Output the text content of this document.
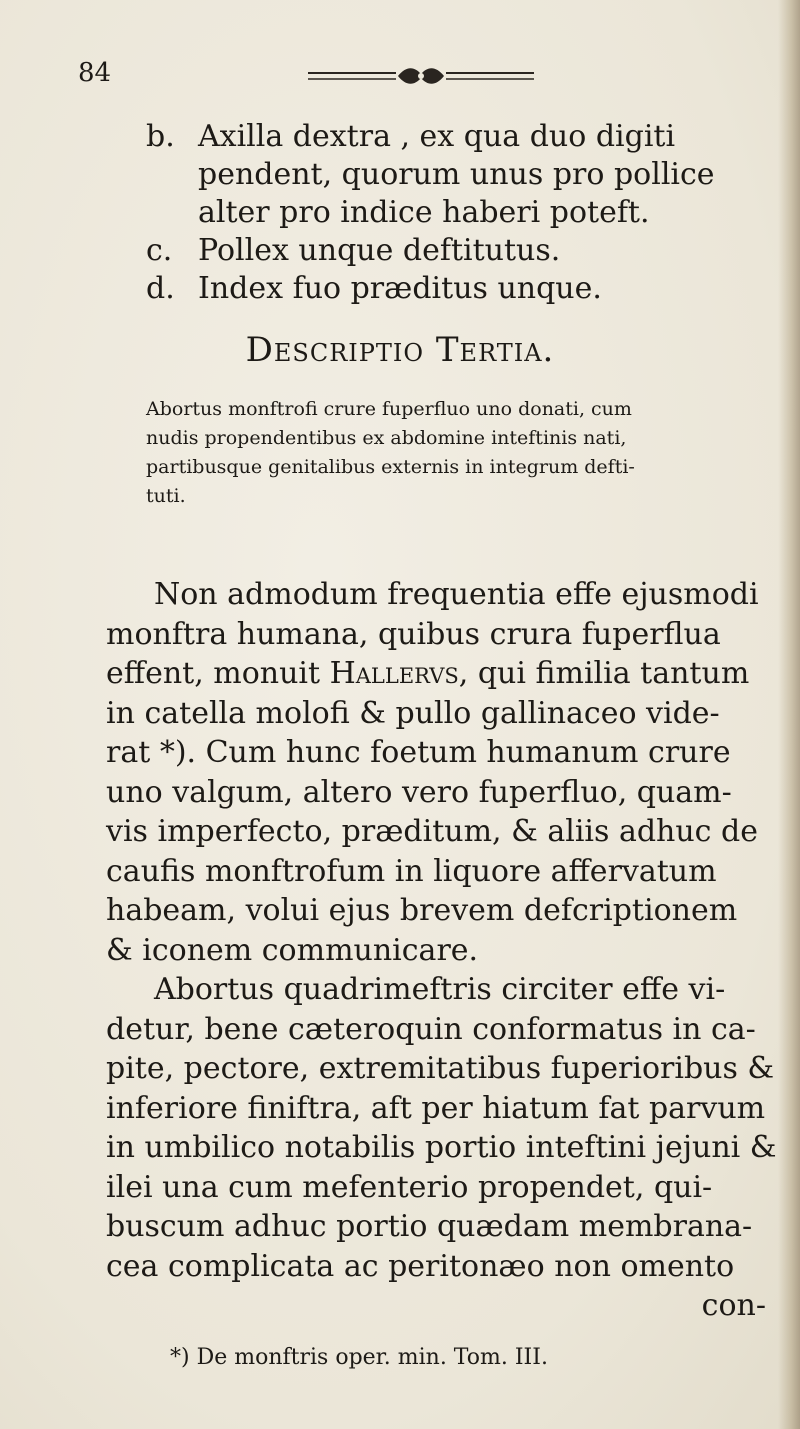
84
b. Axilla dextra , ex qua duo digiti
pendent, quorum unus pro pollice
alter pro indice haberi poteft.
c. Pollex unque deftitutus.
d. Index fuo præditus unque.
Descriptio Tertia.
Abortus monftrofi crure fuperfluo uno donati, cum
nudis propendentibus ex abdomine inteftinis nati,
partibusque genitalibus externis in integrum defti-
tuti.
Non admodum frequentia effe ejusmodi
monftra humana, quibus crura fuperflua
effent, monuit Hallervs, qui fimilia tantum
in catella molofi & pullo gallinaceo vide-
rat *). Cum hunc foetum humanum crure
uno valgum, altero vero fuperfluo, quam-
vis imperfecto, præditum, & aliis adhuc de
caufis monftrofum in liquore affervatum
habeam, volui ejus brevem defcriptionem
& iconem communicare.
Abortus quadrimeftris circiter effe vi-
detur, bene cæteroquin conformatus in ca-
pite, pectore, extremitatibus fuperioribus &
inferiore finiftra, aft per hiatum fat parvum
in umbilico notabilis portio inteftini jejuni &
ilei una cum mefenterio propendet, qui-
buscum adhuc portio quædam membrana-
cea complicata ac peritonæo non omento
con-
*) De monftris oper. min. Tom. III.
